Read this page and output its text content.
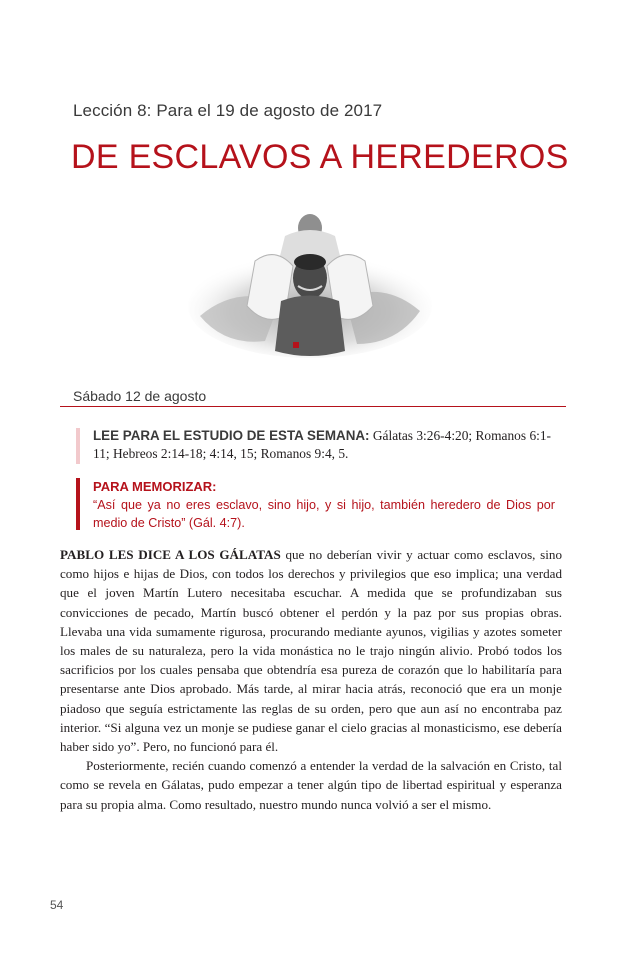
Lección 8: Para el 19 de agosto de 2017
DE ESCLAVOS A HEREDEROS
Sábado 12 de agosto
LEE PARA EL ESTUDIO DE ESTA SEMANA: Gálatas 3:26-4:20; Romanos 6:1-11; Hebreos 2:14-18; 4:14, 15; Romanos 9:4, 5.
PARA MEMORIZAR:
“Así que ya no eres esclavo, sino hijo, y si hijo, también heredero de Dios por medio de Cristo” (Gál. 4:7).

PABLO LES DICE A LOS GÁLATAS que no deberían vivir y actuar como esclavos, sino como hijos e hijas de Dios, con todos los derechos y privilegios que eso implica; una verdad que el joven Martín Lutero necesitaba escuchar. A medida que se profundizaban sus convicciones de pecado, Martín buscó obtener el perdón y la paz por sus propias obras. Llevaba una vida sumamente rigurosa, procurando mediante ayunos, vigilias y azotes someter los males de su naturaleza, pero la vida monástica no le trajo ningún alivio. Probó todos los sacrificios por los cuales pensaba que obtendría esa pureza de corazón que lo habilitaría para presentarse ante Dios aprobado. Más tarde, al mirar hacia atrás, reconoció que era un monje piadoso que seguía estrictamente las reglas de su orden, pero que aun así no encontraba paz interior. “Si alguna vez un monje se pudiese ganar el cielo gracias al monasticismo, ese debería haber sido yo”. Pero, no funcionó para él.

Posteriormente, recién cuando comenzó a entender la verdad de la salvación en Cristo, tal como se revela en Gálatas, pudo empezar a tener algún tipo de libertad espiritual y esperanza para su propia alma. Como resultado, nuestro mundo nunca volvió a ser el mismo.

54
